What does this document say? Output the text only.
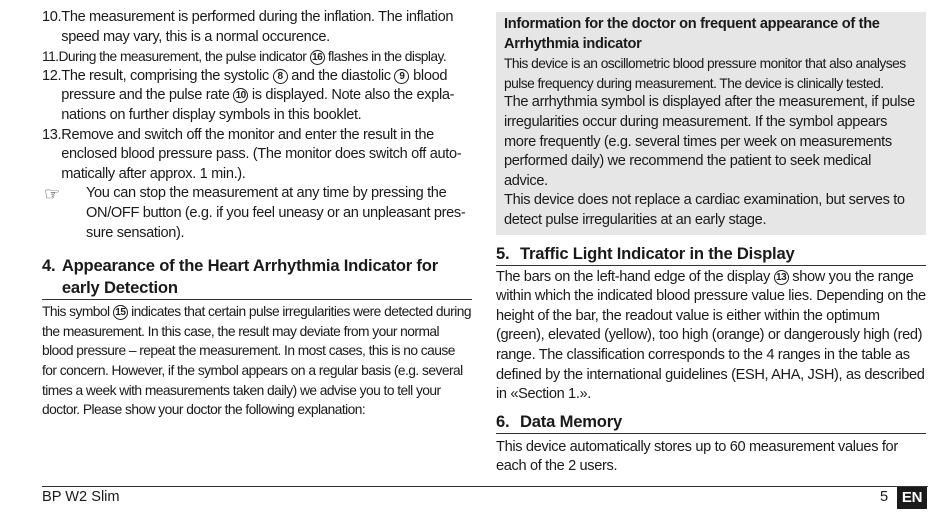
10. The measurement is performed during the inflation. The inflation speed may vary, this is a normal occurence.
11. During the measurement, the pulse indicator 16 flashes in the display.
12. The result, comprising the systolic 8 and the diastolic 9 blood pressure and the pulse rate 10 is displayed. Note also the expla-nations on further display symbols in this booklet.
13. Remove and switch off the monitor and enter the result in the enclosed blood pressure pass. (The monitor does switch off auto-matically after approx. 1 min.).
☞	You can stop the measurement at any time by pressing the ON/OFF button (e.g. if you feel uneasy or an unpleasant pres-sure sensation).
4. Appearance of the Heart Arrhythmia Indicator for early Detection
This symbol 15 indicates that certain pulse irregularities were detected during the measurement. In this case, the result may deviate from your normal blood pressure – repeat the measurement. In most cases, this is no cause for concern. However, if the symbol appears on a regular basis (e.g. several times a week with measurements taken daily) we advise you to tell your doctor. Please show your doctor the following explanation:
Information for the doctor on frequent appearance of the Arrhythmia indicator
This device is an oscillometric blood pressure monitor that also analyses pulse frequency during measurement. The device is clinically tested.
The arrhythmia symbol is displayed after the measurement, if pulse irregularities occur during measurement. If the symbol appears more frequently (e.g. several times per week on measurements performed daily) we recommend the patient to seek medical advice.
This device does not replace a cardiac examination, but serves to detect pulse irregularities at an early stage.
5. Traffic Light Indicator in the Display
The bars on the left-hand edge of the display 13 show you the range within which the indicated blood pressure value lies. Depending on the height of the bar, the readout value is either within the optimum (green), elevated (yellow), too high (orange) or dangerously high (red) range. The classification corresponds to the 4 ranges in the table as defined by the international guidelines (ESH, AHA, JSH), as described in «Section 1.».
6. Data Memory
This device automatically stores up to 60 measurement values for each of the 2 users.
BP W2 Slim	5 EN
